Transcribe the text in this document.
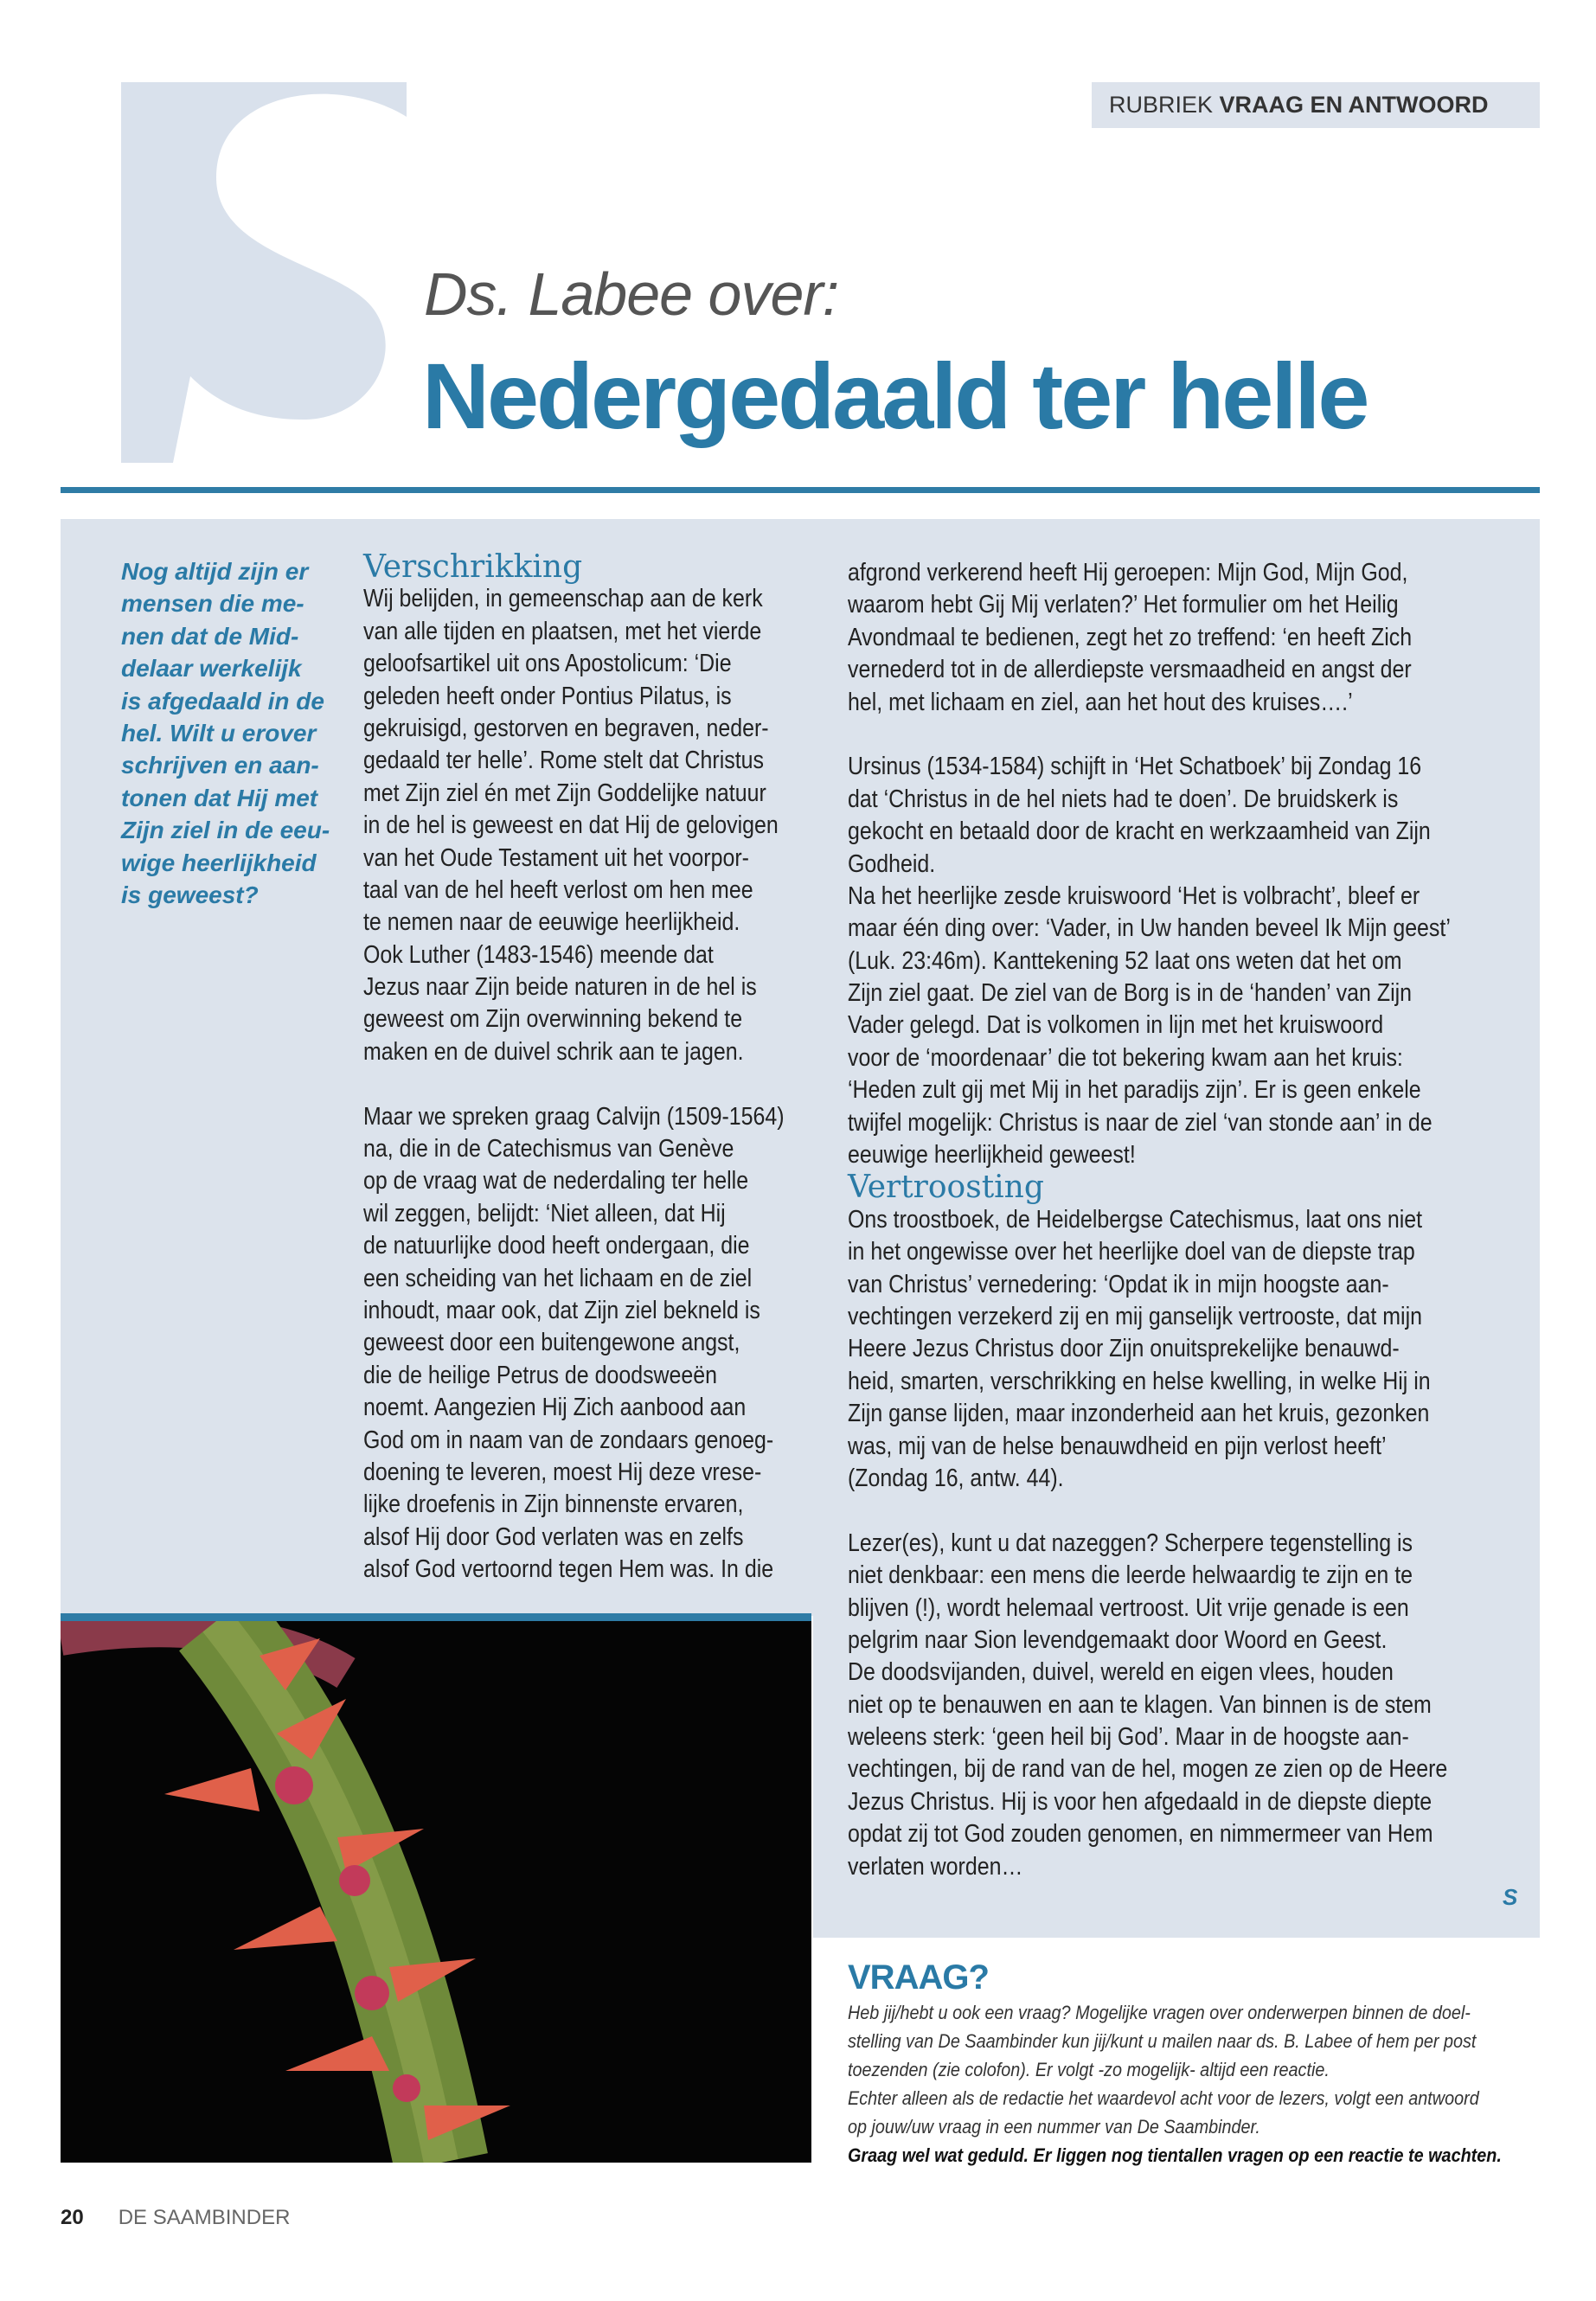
RUBRIEK VRAAG EN ANTWOORD
Ds. Labee over:
Nedergedaald ter helle
Nog altijd zijn er
mensen die me-
nen dat de Mid-
delaar werkelijk
is afgedaald in de
hel. Wilt u erover
schrijven en aan-
tonen dat Hij met
Zijn ziel in de eeu-
wige heerlijkheid
is geweest?
Verschrikking
Wij belijden, in gemeenschap aan de kerk
van alle tijden en plaatsen, met het vierde
geloofsartikel uit ons Apostolicum: ‘Die
geleden heeft onder Pontius Pilatus, is
gekruisigd, gestorven en begraven, neder-
gedaald ter helle’. Rome stelt dat Christus
met Zijn ziel én met Zijn Goddelijke natuur
in de hel is geweest en dat Hij de gelovigen
van het Oude Testament uit het voorpor-
taal van de hel heeft verlost om hen mee
te nemen naar de eeuwige heerlijkheid.
Ook Luther (1483-1546) meende dat
Jezus naar Zijn beide naturen in de hel is
geweest om Zijn overwinning bekend te
maken en de duivel schrik aan te jagen.
Maar we spreken graag Calvijn (1509-1564)
na, die in de Catechismus van Genève
op de vraag wat de nederdaling ter helle
wil zeggen, belijdt: ‘Niet alleen, dat Hij
de natuurlijke dood heeft ondergaan, die
een scheiding van het lichaam en de ziel
inhoudt, maar ook, dat Zijn ziel bekneld is
geweest door een buitengewone angst,
die de heilige Petrus de doodsweeën
noemt. Aangezien Hij Zich aanbood aan
God om in naam van de zondaars genoeg-
doening te leveren, moest Hij deze vrese-
lijke droefenis in Zijn binnenste ervaren,
alsof Hij door God verlaten was en zelfs
alsof God vertoornd tegen Hem was. In die
afgrond verkerend heeft Hij geroepen: Mijn God, Mijn God,
waarom hebt Gij Mij verlaten?’ Het formulier om het Heilig
Avondmaal te bedienen, zegt het zo treffend: ‘en heeft Zich
vernederd tot in de allerdiepste versmaadheid en angst der
hel, met lichaam en ziel, aan het hout des kruises….’
Ursinus (1534-1584) schijft in ‘Het Schatboek’ bij Zondag 16
dat ‘Christus in de hel niets had te doen’. De bruidskerk is
gekocht en betaald door de kracht en werkzaamheid van Zijn
Godheid.
Na het heerlijke zesde kruiswoord ‘Het is volbracht’, bleef er
maar één ding over: ‘Vader, in Uw handen beveel Ik Mijn geest’
(Luk. 23:46m). Kanttekening 52 laat ons weten dat het om
Zijn ziel gaat. De ziel van de Borg is in de ‘handen’ van Zijn
Vader gelegd. Dat is volkomen in lijn met het kruiswoord
voor de ‘moordenaar’ die tot bekering kwam aan het kruis:
‘Heden zult gij met Mij in het paradijs zijn’. Er is geen enkele
twijfel mogelijk: Christus is naar de ziel ‘van stonde aan’ in de
eeuwige heerlijkheid geweest!
Vertroosting
Ons troostboek, de Heidelbergse Catechismus, laat ons niet
in het ongewisse over het heerlijke doel van de diepste trap
van Christus’ vernedering: ‘Opdat ik in mijn hoogste aan-
vechtingen verzekerd zij en mij ganselijk vertrooste, dat mijn
Heere Jezus Christus door Zijn onuitsprekelijke benauwd-
heid, smarten, verschrikking en helse kwelling, in welke Hij in
Zijn ganse lijden, maar inzonderheid aan het kruis, gezonken
was, mij van de helse benauwdheid en pijn verlost heeft’
(Zondag 16, antw. 44).
Lezer(es), kunt u dat nazeggen? Scherpere tegenstelling is
niet denkbaar: een mens die leerde helwaardig te zijn en te
blijven (!), wordt helemaal vertroost. Uit vrije genade is een
pelgrim naar Sion levendgemaakt door Woord en Geest.
De doodsvijanden, duivel, wereld en eigen vlees, houden
niet op te benauwen en aan te klagen. Van binnen is de stem
weleens sterk: ‘geen heil bij God’. Maar in de hoogste aan-
vechtingen, bij de rand van de hel, mogen ze zien op de Heere
Jezus Christus. Hij is voor hen afgedaald in de diepste diepte
opdat zij tot God zouden genomen, en nimmermeer van Hem
verlaten worden…
S
VRAAG?
Heb jij/hebt u ook een vraag? Mogelijke vragen over onderwerpen binnen de doel-
stelling van De Saambinder kun jij/kunt u mailen naar ds. B. Labee of hem per post
toezenden (zie colofon). Er volgt -zo mogelijk- altijd een reactie.
Echter alleen als de redactie het waardevol acht voor de lezers, volgt een antwoord
op jouw/uw vraag in een nummer van De Saambinder.
Graag wel wat geduld. Er liggen nog tientallen vragen op een reactie te wachten.
20 DE SAAMBINDER
